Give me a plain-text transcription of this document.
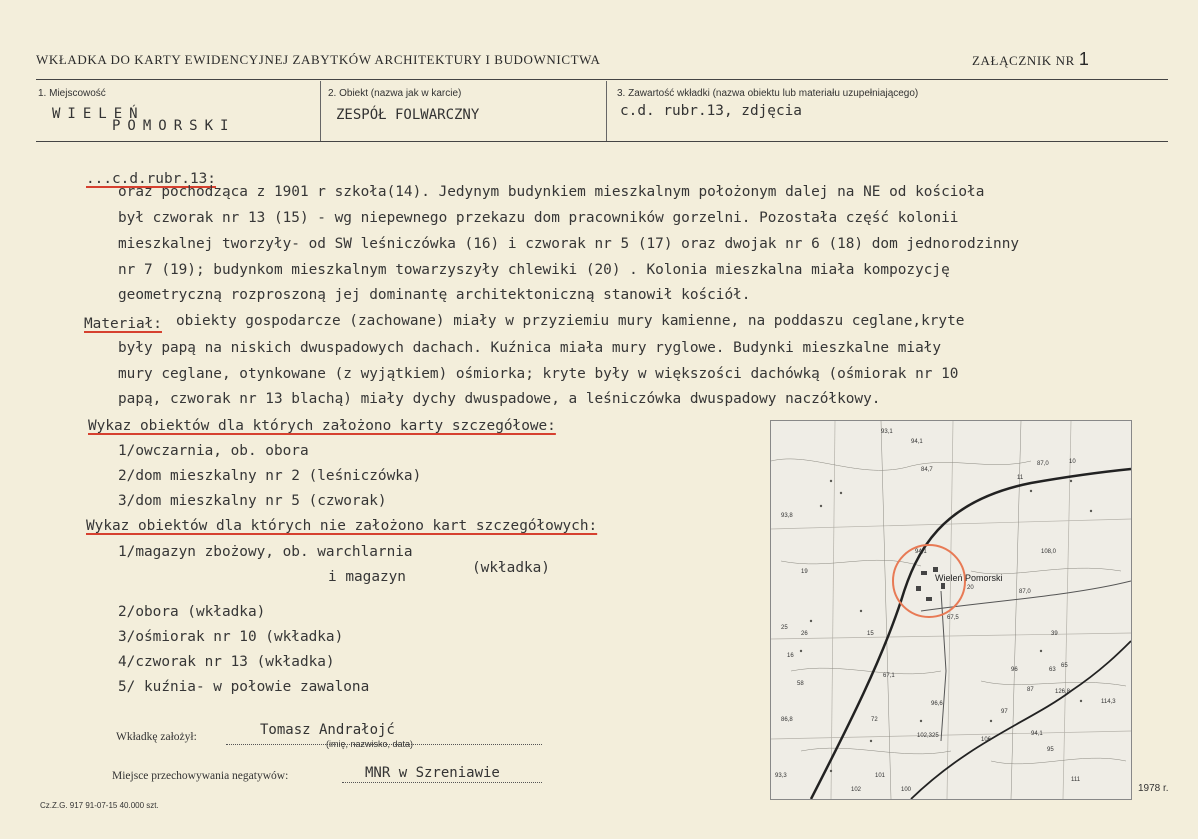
WKŁADKA DO KARTY EWIDENCYJNEJ ZABYTKÓW ARCHITEKTURY I BUDOWNICTWA	ZAŁĄCZNIK NR 1
1. Miejscowość
WIELEŃ
POMORSKI
2. Obiekt (nazwa jak w karcie)
ZESPÓŁ FOLWARCZNY
3. Zawartość wkładki (nazwa obiektu lub materiału uzupełniającego)
c.d. rubr.13, zdjęcia
...c.d.rubr.13:
oraz pochodząca z 1901 r szkoła(14). Jedynym budynkiem mieszkalnym położonym dalej na NE od kościoła
był czworak nr 13 (15) - wg niepewnego przekazu dom pracowników gorzelni. Pozostała część kolonii
mieszkalnej tworzyły- od SW leśniczówka (16) i czworak nr 5 (17) oraz dwojak nr 6 (18) dom jednorodzinny
nr 7 (19); budynkom mieszkalnym towarzyszyły chlewiki (20) . Kolonia mieszkalna miała kompozycję
geometryczną rozproszoną jej dominantę architektoniczną stanowił kościół.
Materiał: obiekty gospodarcze (zachowane) miały w przyziemiu mury kamienne, na poddaszu ceglane,kryte
były papą na niskich dwuspadowych dachach. Kuźnica miała mury ryglowe. Budynki mieszkalne miały
mury ceglane, otynkowane (z wyjątkiem) ośmiorka; kryte były w większości dachówką (ośmiorak nr 10
papą, czworak nr 13 blachą) miały dychy dwuspadowe, a leśniczówka dwuspadowy naczółkowy.
Wykaz obiektów dla których założono karty szczegółowe:
1/owczarnia, ob. obora
2/dom mieszkalny nr 2 (leśniczówka)
3/dom mieszkalny nr 5 (czworak)
Wykaz obiektów dla których nie założono kart szczegółowych:
1/magazyn zbożowy, ob. warchlarnia
i magazyn
(wkładka)
2/obora (wkładka)
3/ośmiorak nr 10 (wkładka)
4/czworak nr 13 (wkładka)
5/ kuźnia- w połowie zawalona
Wkładkę założył:	Tomasz Andrałojć
(imię, nazwisko, data)
Miejsce przechowywania negatywów:	MNR w Szreniawie
Cz.Z.G. 917 91-07-15 40.000 szt.
1978 r.
Wieleń Pomorski
93,1
94,1
84,7
87,0	10
11
93,8
94,1	108,0
19
20
87,0
25
26	15
67,5
39
16
63
67,1
126,8
114,3
96,6
97
86,8
102,325
106
94,1
95
101
100
102
93,3
111
58
65
87
72
96
